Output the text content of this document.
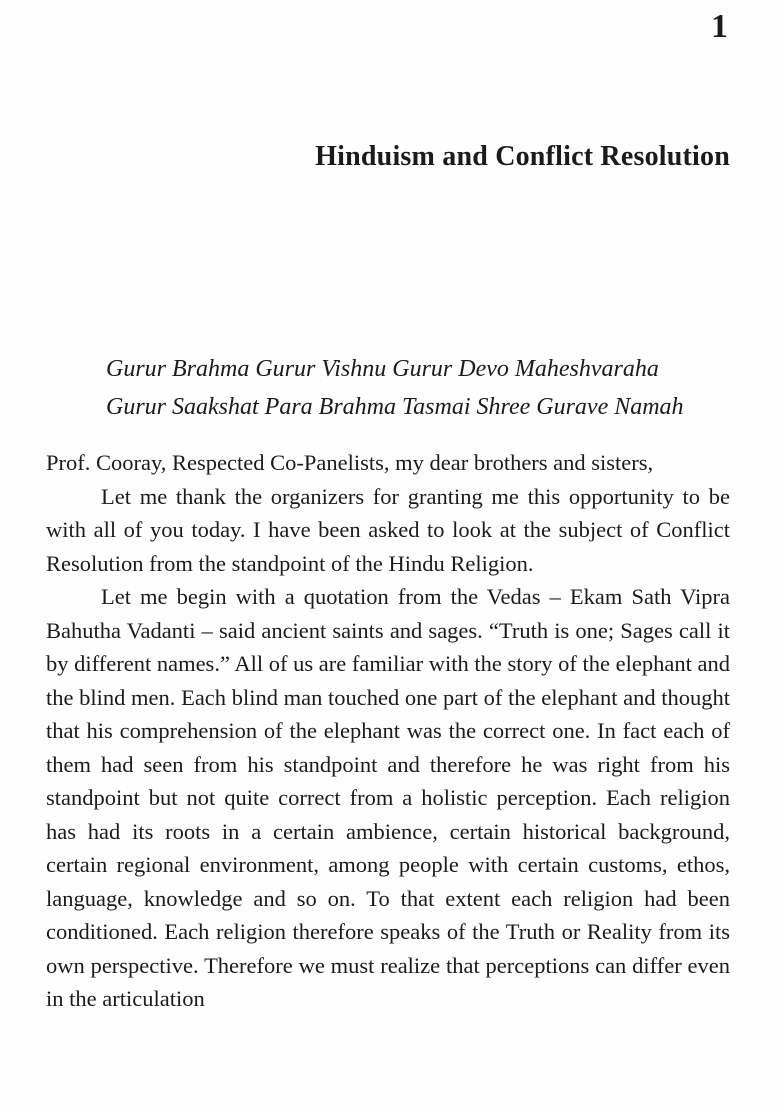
1
Hinduism and Conflict Resolution
Gurur Brahma Gurur Vishnu Gurur Devo Maheshvaraha
Gurur Saakshat Para Brahma Tasmai Shree Gurave Namah

Prof. Cooray, Respected Co-Panelists, my dear brothers and sisters,

Let me thank the organizers for granting me this opportunity to be with all of you today. I have been asked to look at the subject of Conflict Resolution from the standpoint of the Hindu Religion.

Let me begin with a quotation from the Vedas – Ekam Sath Vipra Bahutha Vadanti – said ancient saints and sages. “Truth is one; Sages call it by different names.” All of us are familiar with the story of the elephant and the blind men. Each blind man touched one part of the elephant and thought that his comprehension of the elephant was the correct one. In fact each of them had seen from his standpoint and therefore he was right from his standpoint but not quite correct from a holistic perception. Each religion has had its roots in a certain ambience, certain historical background, certain regional environment, among people with certain customs, ethos, language, knowledge and so on. To that extent each religion had been conditioned. Each religion therefore speaks of the Truth or Reality from its own perspective. Therefore we must realize that perceptions can differ even in the articulation
